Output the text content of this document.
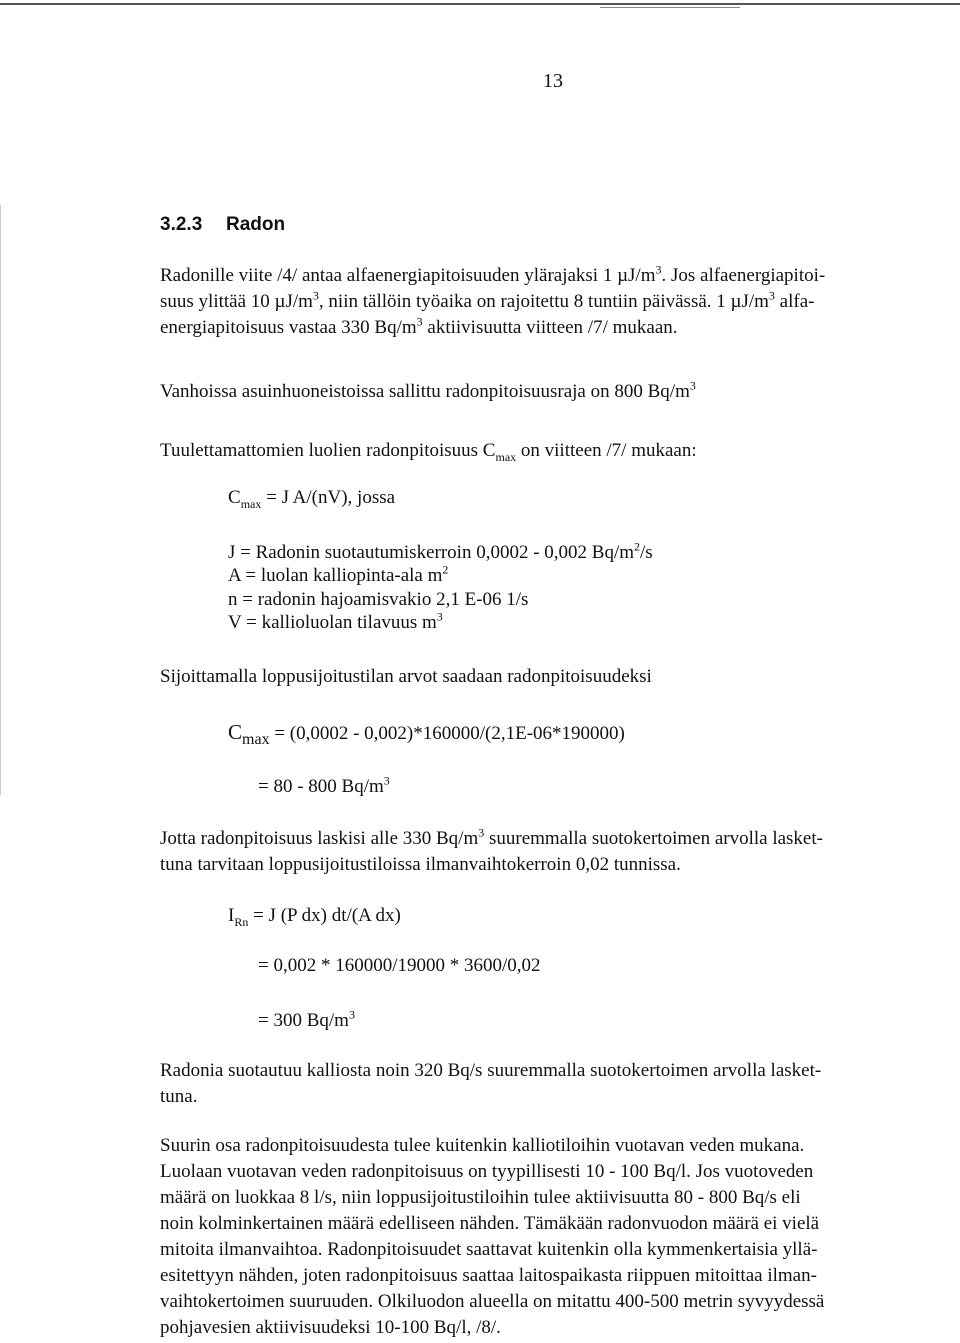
13
3.2.3 Radon
Radonille viite /4/ antaa alfaenergiapitoisuuden ylärajaksi 1 $\mu J/m^3$. Jos alfaenergiapitoi-
suus ylittää 10 $\mu J/m^3$, niin tällöin työaika on rajoitettu 8 tuntiin päivässä. 1 $\mu J/m^3$ alfa-
energiapitoisuus vastaa 330 $Bq/m^3$ aktiivisuutta viitteen /7/ mukaan.
Vanhoissa asuinhuoneistoissa sallittu radonpitoisuusraja on 800 $Bq/m^3$
Tuulettamattomien luolien radonpitoisuus $C_{max}$ on viitteen /7/ mukaan:
$C_{max} = J$ A/(nV), jossa
J = Radonin suotautumiskerroin 0,0002 - 0,002 $Bq/m^2/s$
A = luolan kalliopinta-ala $m^2$
n = radonin hajoamisvakio 2,1 E-06 1/s
V = kallioluolan tilavuus $m^3$
Sijoittamalla loppusijoitustilan arvot saadaan radonpitoisuudeksi
$C_{max} = (0,0002 - 0,002)*160000/(2,1E-06*190000)$
= 80 - 800 $Bq/m^3$
Jotta radonpitoisuus laskisi alle 330 $Bq/m^3$ suuremmalla suotokertoimen arvolla lasket-
tuna tarvitaan loppusijoitustiloissa ilmanvaihtokerroin 0,02 tunnissa.
$I_{Rn} = J$ (P dx) dt/(A dx)
= 0,002 * 160000/19000 * 3600/0,02
= 300 $Bq/m^3$
Radonia suotautuu kalliosta noin 320 Bq/s suuremmalla suotokertoimen arvolla lasket-
tuna.
Suurin osa radonpitoisuudesta tulee kuitenkin kalliotiloihin vuotavan veden mukana.
Luolaan vuotavan veden radonpitoisuus on tyypillisesti 10 - 100 Bq/l. Jos vuotoveden
määrä on luokkaa 8 l/s, niin loppusijoitustiloihin tulee aktiivisuutta 80 - 800 Bq/s eli
noin kolminkertainen määrä edelliseen nähden. Tämäkään radonvuodon määrä ei vielä
mitoita ilmanvaihtoa. Radonpitoisuudet saattavat kuitenkin olla kymmenkertaisia yllä-
esitettyyn nähden, joten radonpitoisuus saattaa laitospaikasta riippuen mitoittaa ilman-
vaihtokertoimen suuruuden. Olkiluodon alueella on mitattu 400-500 metrin syvyydessä
pohjavesien aktiivisuudeksi 10-100 Bq/l, /8/.
